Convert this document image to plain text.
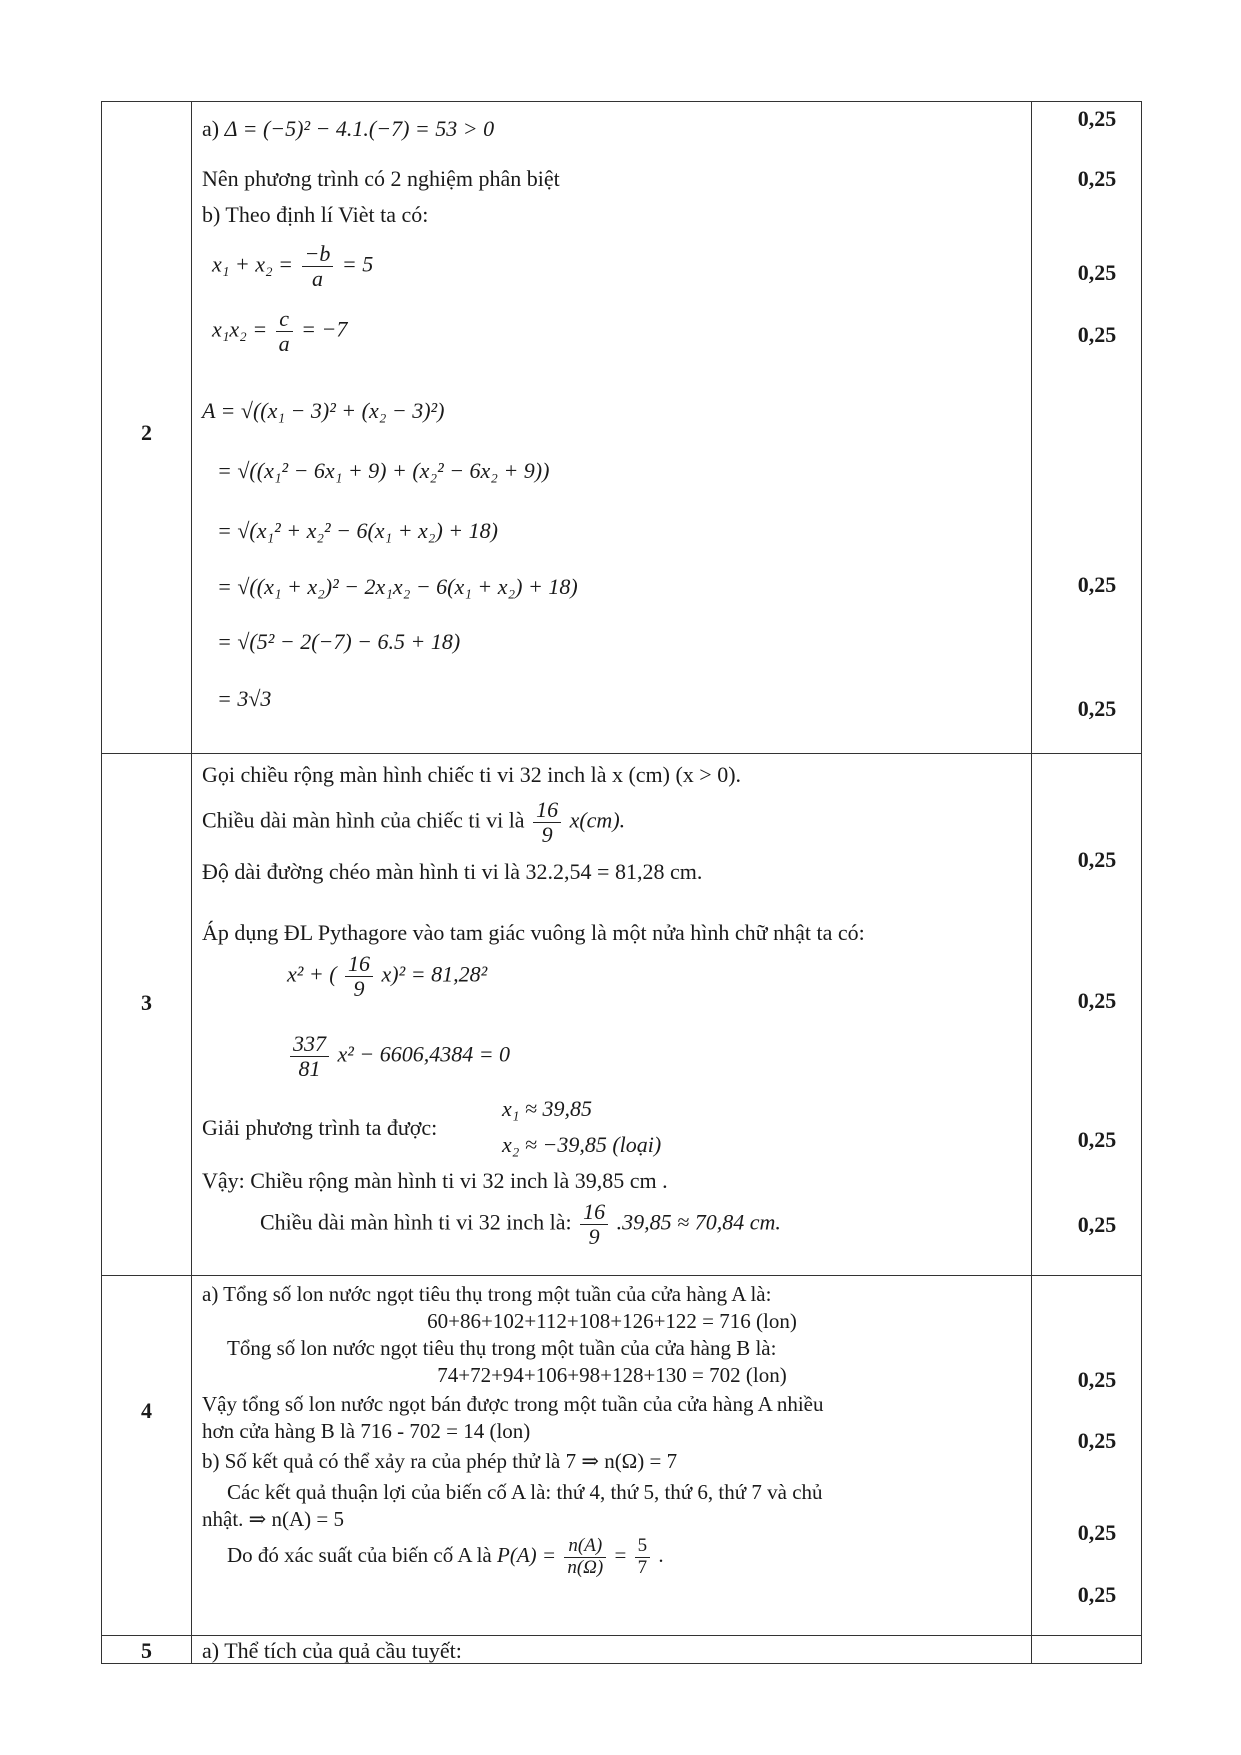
2
a) Δ = (−5)² − 4.1.(−7) = 53 > 0
Nên phương trình có 2 nghiệm phân biệt
b) Theo định lí Vièt ta có:
$x_1 + x_2 = \frac{-b}{a} = 5$
$x_1x_2 = \frac{c}{a} = -7$
A = √((x₁ − 3)² + (x₂ − 3)²)
= √((x₁² − 6x₁ + 9) + (x₂² − 6x₂ + 9))
= √(x₁² + x₂² − 6(x₁ + x₂) + 18)
= √((x₁ + x₂)² − 2x₁x₂ − 6(x₁ + x₂) + 18)
= √(5² − 2(−7) − 6.5 + 18)
= 3√3
0,25
0,25
0,25
0,25
0,25
0,25
3
Gọi chiều rộng màn hình chiếc ti vi 32 inch là x (cm) (x > 0).
Chiều dài màn hình của chiếc ti vi là $\frac{16}{9} x(cm)$.
Độ dài đường chéo màn hình ti vi là 32.2,54 = 81,28 cm.
Áp dụng ĐL Pythagore vào tam giác vuông là một nửa hình chữ nhật ta có:
x² + ( $\frac{16}{9} x)^2 = 81,28^2$
$\frac{337}{81} x^2 - 6606,4384 = 0$
Giải phương trình ta được:
x₁ ≈ 39,85
x₂ ≈ −39,85 (loại)
Vậy: Chiều rộng màn hình ti vi 32 inch là 39,85 cm .
Chiều dài màn hình ti vi 32 inch là: $\frac{16}{9} .39,85 \approx 70,84$ cm.
0,25
0,25
0,25
0,25
4
a) Tổng số lon nước ngọt tiêu thụ trong một tuần của cửa hàng A là:
60+86+102+112+108+126+122 = 716 (lon)
Tổng số lon nước ngọt tiêu thụ trong một tuần của cửa hàng B là:
74+72+94+106+98+128+130 = 702 (lon)
Vậy tổng số lon nước ngọt bán được trong một tuần của cửa hàng A nhiều
hơn cửa hàng B là 716 - 702 = 14 (lon)
b) Số kết quả có thể xảy ra của phép thử là 7 ⇒ n(Ω) = 7
Các kết quả thuận lợi của biến cố A là: thứ 4, thứ 5, thứ 6, thứ 7 và chủ
nhật. ⇒ n(A) = 5
Do đó xác suất của biến cố A là $P(A) = \frac{n(A)}{n(\Omega)} = \frac{5}{7}$ .
0,25
0,25
0,25
0,25
5	a) Thể tích của quả cầu tuyết:
